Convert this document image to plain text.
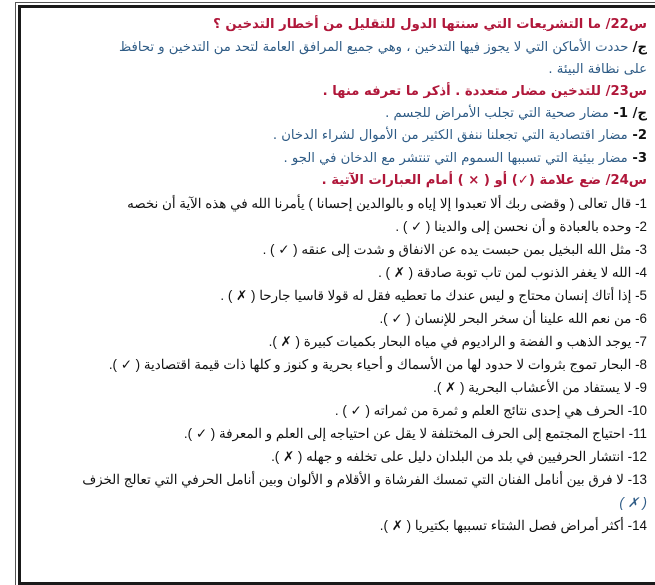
س22/ ما التشريعات التي سنتها الدول للتقليل من أخطار التدخين ؟
ج/ حددت الأماكن التي لا يجوز فيها التدخين ، وهي جميع المرافق العامة لتحد من التدخين و تحافظ
على نظافة البيئة .
س23/ للتدخين مضار متعددة . أذكر ما تعرفه منها .
ج/ 1- مضار صحية التي تجلب الأمراض للجسم .
2- مضار اقتصادية التي تجعلنا ننفق الكثير من الأموال لشراء الدخان .
3- مضار بيئية التي تسببها السموم التي تنتشر مع الدخان في الجو .
س24/ ضع علامة (✓) أو ( × ) أمام العبارات الآتية .
1- قال تعالى ( وقضى ربك ألا تعبدوا إلا إياه و بالوالدين إحسانا ) يأمرنا الله في هذه الآية أن نخصه
2- وحده بالعبادة و أن نحسن إلى والدينا ( ✓ ) .
3- مثل الله البخيل بمن حبست يده عن الانفاق و شدت إلى عنقه ( ✓ ) .
4- الله لا يغفر الذنوب لمن تاب توبة صادقة ( ✗ ) .
5- إذا أتاك إنسان محتاج و ليس عندك ما تعطيه فقل له قولا قاسيا جارحا ( ✗ ) .
6- من نعم الله علينا أن سخر البحر للإنسان ( ✓ ).
7- يوجد الذهب و الفضة و الراديوم في مياه البحار بكميات كبيرة ( ✗ ).
8- البحار تموج بثروات لا حدود لها من الأسماك و أحياء بحرية و كنوز و كلها ذات قيمة اقتصادية ( ✓ ).
9- لا يستفاد من الأعشاب البحرية ( ✗ ).
10- الحرف هي إحدى نتائج العلم و ثمرة من ثمراته ( ✓ ) .
11- احتياج المجتمع إلى الحرف المختلفة لا يقل عن احتياجه إلى العلم و المعرفة ( ✓ ).
12- انتشار الحرفيين في بلد من البلدان دليل على تخلفه و جهله ( ✗ ).
13- لا فرق بين أنامل الفنان التي تمسك الفرشاة و الأقلام و الألوان وبين أنامل الحرفي التي تعالج الخزف
( ✗ )
14- أكثر أمراض فصل الشتاء تسببها بكتيريا ( ✗ ).
